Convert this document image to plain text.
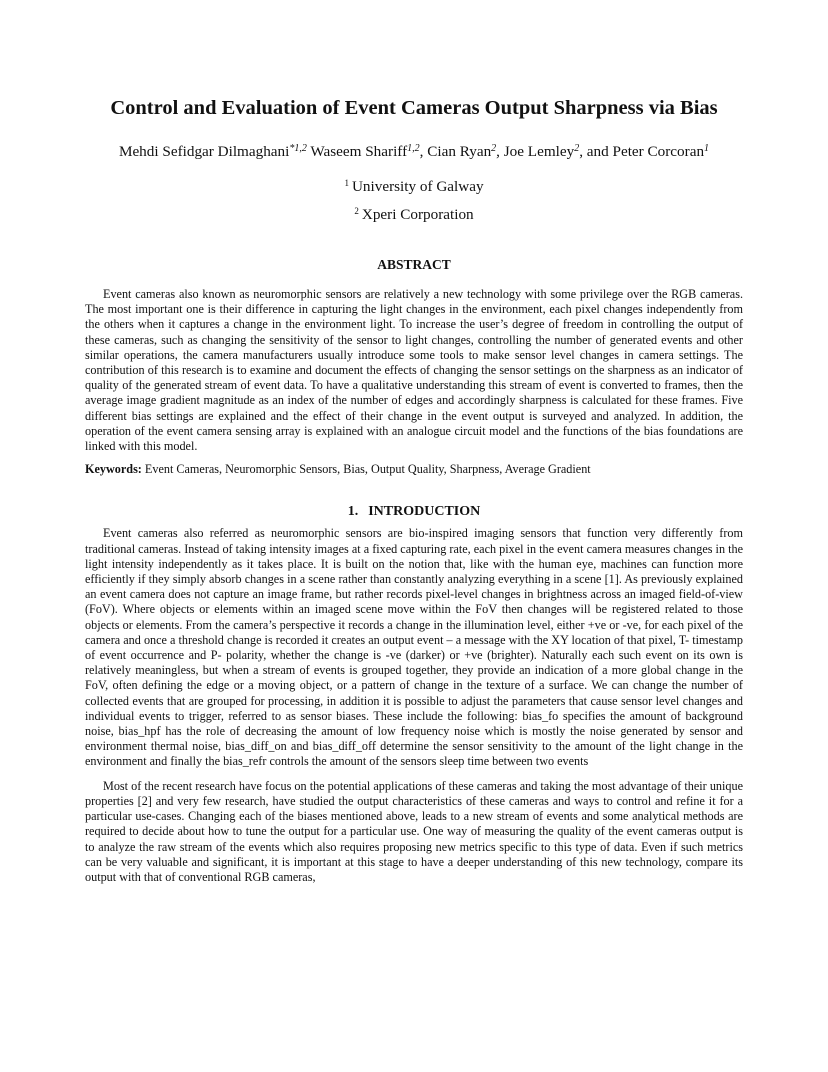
Control and Evaluation of Event Cameras Output Sharpness via Bias
Mehdi Sefidgar Dilmaghani$^{*1,2}$ Waseem Shariff$^{1,2}$, Cian Ryan$^2$, Joe Lemley$^2$, and Peter Corcoran$^1$
$^1$ University of Galway
$^2$ Xperi Corporation
ABSTRACT

Event cameras also known as neuromorphic sensors are relatively a new technology with some privilege over the RGB cameras. The most important one is their difference in capturing the light changes in the environment, each pixel changes independently from the others when it captures a change in the environment light. To increase the user’s degree of freedom in controlling the output of these cameras, such as changing the sensitivity of the sensor to light changes, controlling the number of generated events and other similar operations, the camera manufacturers usually introduce some tools to make sensor level changes in camera settings. The contribution of this research is to examine and document the effects of changing the sensor settings on the sharpness as an indicator of quality of the generated stream of event data. To have a qualitative understanding this stream of event is converted to frames, then the average image gradient magnitude as an index of the number of edges and accordingly sharpness is calculated for these frames. Five different bias settings are explained and the effect of their change in the event output is surveyed and analyzed. In addition, the operation of the event camera sensing array is explained with an analogue circuit model and the functions of the bias foundations are linked with this model.

Keywords: Event Cameras, Neuromorphic Sensors, Bias, Output Quality, Sharpness, Average Gradient
1. INTRODUCTION

Event cameras also referred as neuromorphic sensors are bio-inspired imaging sensors that function very differently from traditional cameras. Instead of taking intensity images at a fixed capturing rate, each pixel in the event camera measures changes in the light intensity independently as it takes place. It is built on the notion that, like with the human eye, machines can function more efficiently if they simply absorb changes in a scene rather than constantly analyzing everything in a scene [1]. As previously explained an event camera does not capture an image frame, but rather records pixel-level changes in brightness across an imaged field-of-view (FoV). Where objects or elements within an imaged scene move within the FoV then changes will be registered related to those objects or elements. From the camera’s perspective it records a change in the illumination level, either +ve or -ve, for each pixel of the camera and once a threshold change is recorded it creates an output event – a message with the XY location of that pixel, T- timestamp of event occurrence and P- polarity, whether the change is -ve (darker) or +ve (brighter). Naturally each such event on its own is relatively meaningless, but when a stream of events is grouped together, they provide an indication of a more global change in the FoV, often defining the edge or a moving object, or a pattern of change in the texture of a surface. We can change the number of collected events that are grouped for processing, in addition it is possible to adjust the parameters that cause sensor level changes and individual events to trigger, referred to as sensor biases. These include the following: bias_fo specifies the amount of background noise, bias_hpf has the role of decreasing the amount of low frequency noise which is mostly the noise generated by sensor and environment thermal noise, bias_diff_on and bias_diff_off determine the sensor sensitivity to the amount of the light change in the environment and finally the bias_refr controls the amount of the sensors sleep time between two events

Most of the recent research have focus on the potential applications of these cameras and taking the most advantage of their unique properties [2] and very few research, have studied the output characteristics of these cameras and ways to control and refine it for a particular use-cases. Changing each of the biases mentioned above, leads to a new stream of events and some analytical methods are required to decide about how to tune the output for a particular use. One way of measuring the quality of the event cameras output is to analyze the raw stream of the events which also requires proposing new metrics specific to this type of data. Even if such metrics can be very valuable and significant, it is important at this stage to have a deeper understanding of this new technology, compare its output with that of conventional RGB cameras,
